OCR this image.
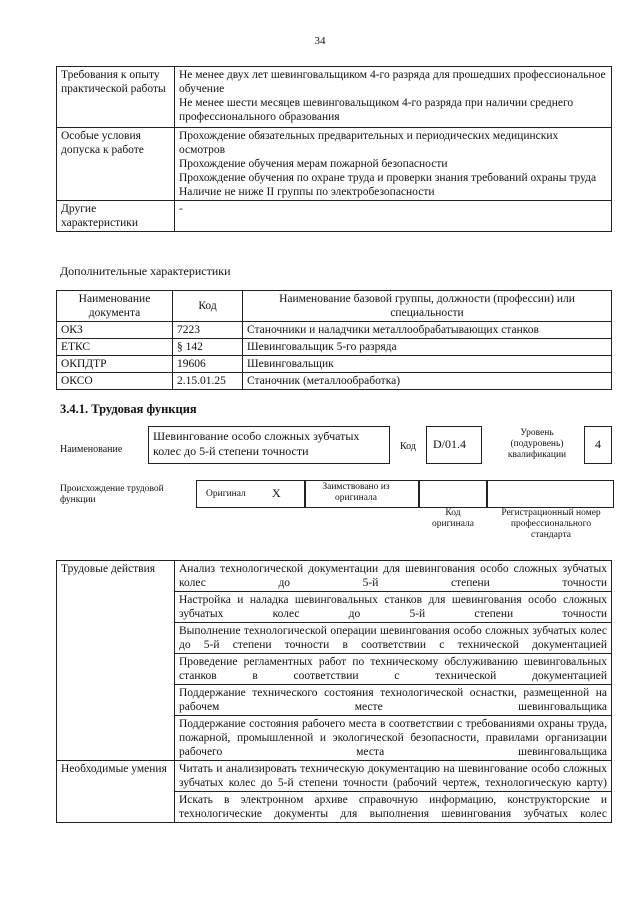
34
Требования к опыту практической работы	Не менее двух лет шевинговальщиком 4-го разряда для прошедших профессиональное обучение
Не менее шести месяцев шевинговальщиком 4-го разряда при наличии среднего профессионального образования

Особые условия допуска к работе	Прохождение обязательных предварительных и периодических медицинских осмотров
Прохождение обучения мерам пожарной безопасности
Прохождение обучения по охране труда и проверки знания требований охраны труда
Наличие не ниже II группы по электробезопасности

Другие характеристики	-
Дополнительные характеристики
Наименование документа	Код	Наименование базовой группы, должности (профессии) или специальности
ОКЗ	7223	Станочники и наладчики металлообрабатывающих станков
ЕТКС	§ 142	Шевинговальщик 5-го разряда
ОКПДТР	19606	Шевинговальщик
ОКСО	2.15.01.25	Станочник (металлообработка)
3.4.1. Трудовая функция
Наименование
Шевингование особо сложных зубчатых колес до 5-й степени точности	Код	D/01.4
Уровень (подуровень) квалификации
4
Происхождение трудовой функции
Оригинал X	Заимствовано из оригинала
Код оригинала
Регистрационный номер профессионального стандарта
Трудовые действия	Анализ технологической документации для шевингования особо сложных зубчатых колес до 5-й степени точности
	Настройка и наладка шевинговальных станков для шевингования особо сложных зубчатых колес до 5-й степени точности
	Выполнение технологической операции шевингования особо сложных зубчатых колес до 5-й степени точности в соответствии с технической документацией
	Проведение регламентных работ по техническому обслуживанию шевинговальных станков в соответствии с технической документацией
	Поддержание технического состояния технологической оснастки, размещенной на рабочем месте шевинговальщика
	Поддержание состояния рабочего места в соответствии с требованиями охраны труда, пожарной, промышленной и экологической безопасности, правилами организации рабочего места шевинговальщика
Необходимые умения	Читать и анализировать техническую документацию на шевингование особо сложных зубчатых колес до 5-й степени точности (рабочий чертеж, технологическую карту)
	Искать в электронном архиве справочную информацию, конструкторские и технологические документы для выполнения шевингования зубчатых колес
